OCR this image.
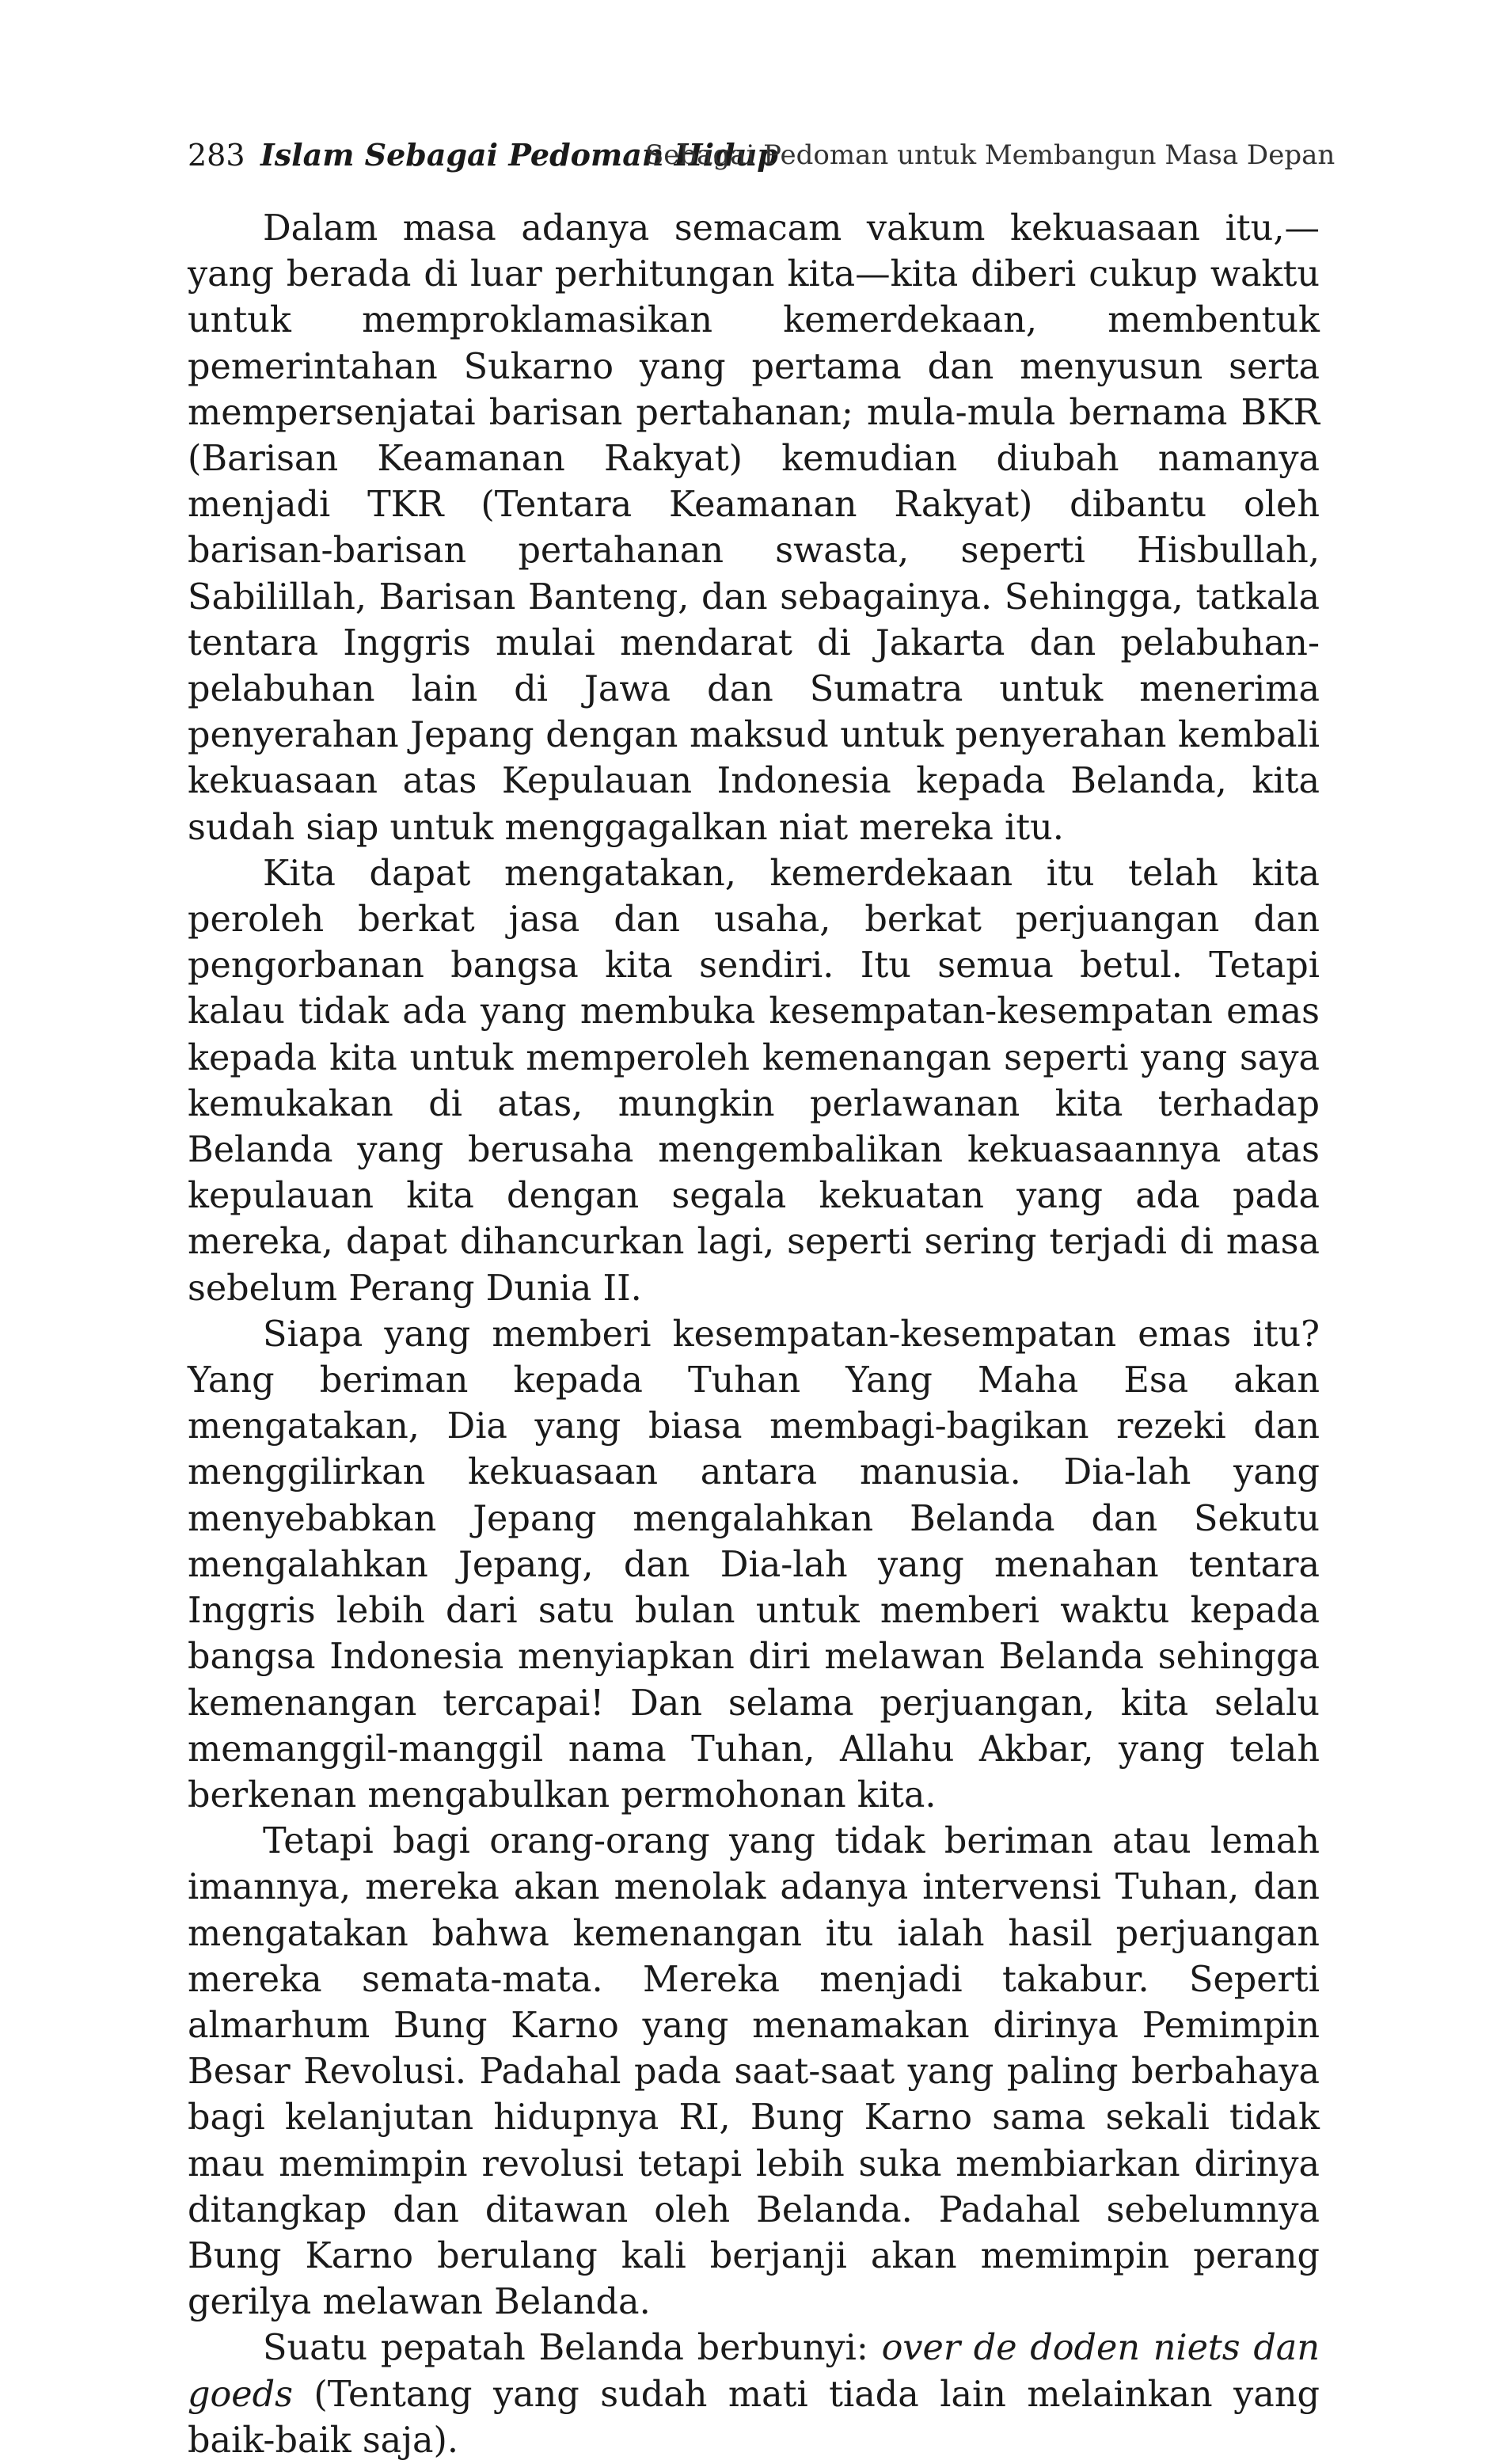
283 Islam Sebagai Pedoman Hidup
Sebagai Pedoman untuk Membangun Masa Depan

Dalam masa adanya semacam vakum kekuasaan itu,—yang berada di luar perhitungan kita—kita diberi cukup waktu untuk memproklamasikan kemerdekaan, membentuk pemerintahan Sukarno yang pertama dan menyusun serta mempersenjatai barisan pertahanan; mula-mula bernama BKR (Barisan Keamanan Rakyat) kemudian diubah namanya menjadi TKR (Tentara Keamanan Rakyat) dibantu oleh barisan-barisan pertahanan swasta, seperti Hisbullah, Sabilillah, Barisan Banteng, dan sebagainya. Sehingga, tatkala tentara Inggris mulai mendarat di Jakarta dan pelabuhan-pelabuhan lain di Jawa dan Sumatra untuk menerima penyerahan Jepang dengan maksud untuk penyerahan kembali kekuasaan atas Kepulauan Indonesia kepada Belanda, kita sudah siap untuk menggagalkan niat mereka itu.

Kita dapat mengatakan, kemerdekaan itu telah kita peroleh berkat jasa dan usaha, berkat perjuangan dan pengorbanan bangsa kita sendiri. Itu semua betul. Tetapi kalau tidak ada yang membuka kesempatan-kesempatan emas kepada kita untuk memperoleh kemenangan seperti yang saya kemukakan di atas, mungkin perlawanan kita terhadap Belanda yang berusaha mengembalikan kekuasaannya atas kepulauan kita dengan segala kekuatan yang ada pada mereka, dapat dihancurkan lagi, seperti sering terjadi di masa sebelum Perang Dunia II.

Siapa yang memberi kesempatan-kesempatan emas itu? Yang beriman kepada Tuhan Yang Maha Esa akan mengatakan, Dia yang biasa membagi-bagikan rezeki dan menggilirkan kekuasaan antara manusia. Dia-lah yang menyebabkan Jepang mengalahkan Belanda dan Sekutu mengalahkan Jepang, dan Dia-lah yang menahan tentara Inggris lebih dari satu bulan untuk memberi waktu kepada bangsa Indonesia menyiapkan diri melawan Belanda sehingga kemenangan tercapai! Dan selama perjuangan, kita selalu memanggil-manggil nama Tuhan, Allahu Akbar, yang telah berkenan mengabulkan permohonan kita.

Tetapi bagi orang-orang yang tidak beriman atau lemah imannya, mereka akan menolak adanya intervensi Tuhan, dan mengatakan bahwa kemenangan itu ialah hasil perjuangan mereka semata-mata. Mereka menjadi takabur. Seperti almarhum Bung Karno yang menamakan dirinya Pemimpin Besar Revolusi. Padahal pada saat-saat yang paling berbahaya bagi kelanjutan hidupnya RI, Bung Karno sama sekali tidak mau memimpin revolusi tetapi lebih suka membiarkan dirinya ditangkap dan ditawan oleh Belanda. Padahal sebelumnya Bung Karno berulang kali berjanji akan memimpin perang gerilya melawan Belanda.

Suatu pepatah Belanda berbunyi: over de doden niets dan goeds (Tentang yang sudah mati tiada lain melainkan yang baik-baik saja).
